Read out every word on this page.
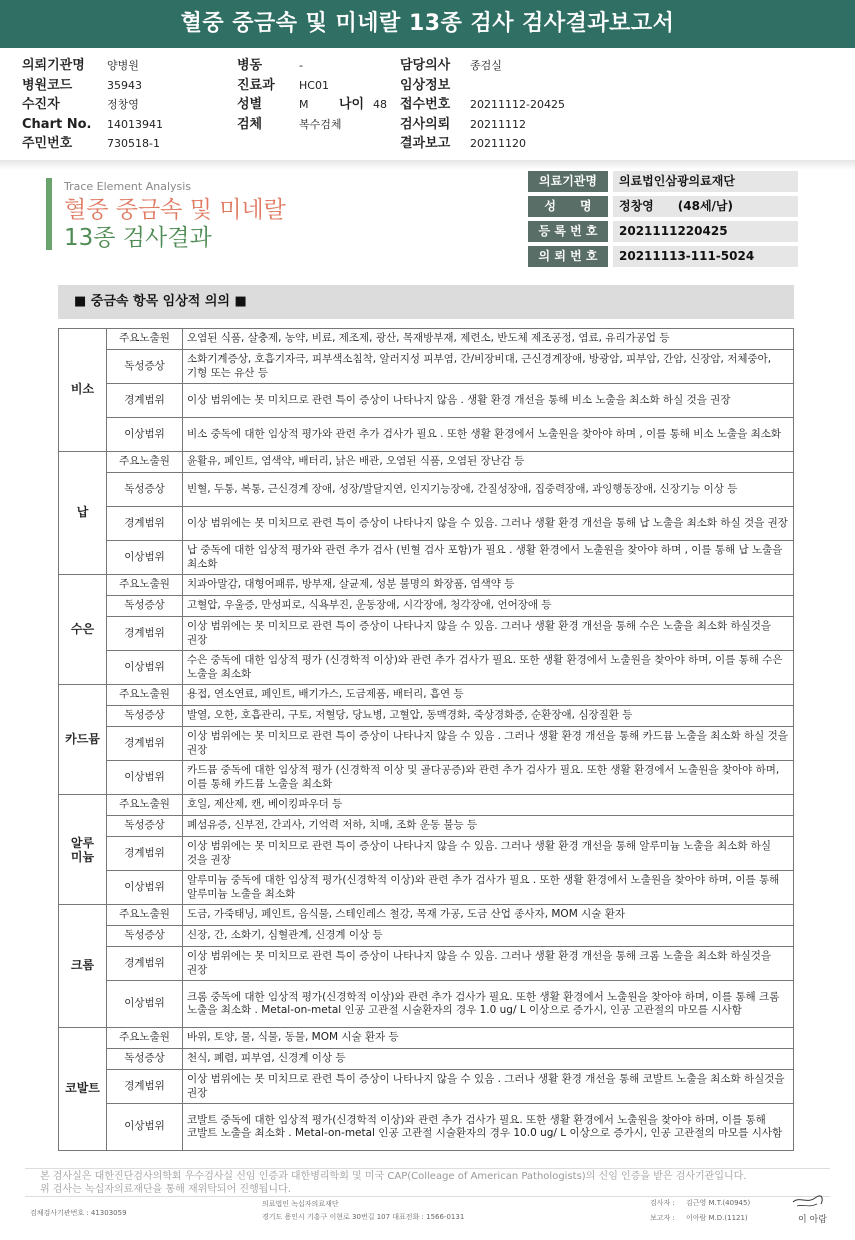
혈중 중금속 및 미네랄 13종 검사 검사결과보고서
의뢰기관명 양병원
병원코드	35943
수진자	정창영
Chart No. 14013941
주민번호	730518-1
병동	-
진료과 HC01
성별	M 나이 48
검체	복수검체
담당의사 종검실
임상정보
접수번호 20211112-20425
검사의뢰 20211112
결과보고 20211120
Trace Element Analysis
혈중 중금속 및 미네랄
13종 검사결과
의료기관명	의료법인삼광의료재단
성　　명	정창영　　(48세/남)
등 록 번 호	2021111220425
의 뢰 번 호	20211113-111-5024
■ 중금속 항목 임상적 의의 ■
비소	주요노출원	오염된 식품, 살충제, 농약, 비료, 제조제, 광산, 목재방부재, 제련소, 반도체 제조공정, 염료, 유리가공업 등
	독성증상	소화기계증상, 호흡기자극, 피부색소침착, 알러지성 피부염, 간/비장비대, 근신경계장애, 방광암, 피부암, 간암, 신장암, 저체중아, 기형 또는 유산 등
	경계범위	이상 범위에는 못 미치므로 관련 특이 증상이 나타나지 않음 . 생활 환경 개선을 통해 비소 노출을 최소화 하실 것을 권장
	이상범위	비소 중독에 대한 임상적 평가와 관련 추가 검사가 필요 . 또한 생활 환경에서 노출원을 찾아야 하며 , 이를 통해 비소 노출을 최소화
납	주요노출원	윤활유, 페인트, 염색약, 배터리, 낡은 배관, 오염된 식품, 오염된 장난감 등
	독성증상	빈혈, 두통, 복통, 근신경계 장애, 성장/발달지연, 인지기능장애, 간질성장애, 집중력장애, 과잉행동장애, 신장기능 이상 등
	경계범위	이상 범위에는 못 미치므로 관련 특이 증상이 나타나지 않을 수 있음. 그러나 생활 환경 개선을 통해 납 노출을 최소화 하실 것을 권장
	이상범위	납 중독에 대한 임상적 평가와 관련 추가 검사 (빈혈 검사 포함)가 필요 . 생활 환경에서 노출원을 찾아야 하며 , 이를 통해 납 노출을 최소화
수은	주요노출원	치과아말감, 대형어패류, 방부재, 살균제, 성분 불명의 화장품, 염색약 등
	독성증상	고혈압, 우울증, 만성피로, 식욕부진, 운동장애, 시각장애, 청각장애, 언어장애 등
	경계범위	이상 범위에는 못 미치므로 관련 특이 증상이 나타나지 않을 수 있음. 그러나 생활 환경 개선을 통해 수은 노출을 최소화 하실것을 권장
	이상범위	수은 중독에 대한 임상적 평가 (신경학적 이상)와 관련 추가 검사가 필요. 또한 생활 환경에서 노출원을 찾아야 하며, 이를 통해 수은 노출을 최소화
카드뮴	주요노출원	용접, 연소연료, 페인트, 배기가스, 도금제품, 배터리, 흡연 등
	독성증상	발열, 오한, 호흡관리, 구토, 저혈당, 당뇨병, 고혈압, 동맥경화, 죽상경화증, 순환장애, 심장질환 등
	경계범위	이상 범위에는 못 미치므로 관련 특이 증상이 나타나지 않을 수 있음 . 그러나 생활 환경 개선을 통해 카드뮴 노출을 최소화 하실 것을 권장
	이상범위	카드뮴 중독에 대한 임상적 평가 (신경학적 이상 및 골다공증)와 관련 추가 검사가 필요. 또한 생활 환경에서 노출원을 찾아야 하며, 이를 통해 카드뮴 노출을 최소화
알루미늄	주요노출원	호일, 제산제, 캔, 베이킹파우더 등
	독성증상	폐섬유증, 신부전, 간괴사, 기억력 저하, 치매, 조화 운동 불능 등
	경계범위	이상 범위에는 못 미치므로 관련 특이 증상이 나타나지 않을 수 있음. 그러나 생활 환경 개선을 통해 알루미늄 노출을 최소화 하실 것을 권장
	이상범위	알루미늄 중독에 대한 임상적 평가(신경학적 이상)와 관련 추가 검사가 필요 . 또한 생활 환경에서 노출원을 찾아야 하며, 이를 통해 알루미늄 노출을 최소화
크롬	주요노출원	도금, 가죽태닝, 페인트, 음식물, 스테인레스 철강, 목재 가공, 도금 산업 종사자, MOM 시술 환자
	독성증상	신장, 간, 소화기, 심혈관계, 신경계 이상 등
	경계범위	이상 범위에는 못 미치므로 관련 특이 증상이 나타나지 않을 수 있음. 그러나 생활 환경 개선을 통해 크롬 노출을 최소화 하실것을 권장
	이상범위	크롬 중독에 대한 임상적 평가(신경학적 이상)와 관련 추가 검사가 필요. 또한 생활 환경에서 노출원을 찾아야 하며, 이를 통해 크롬 노출을 최소화 . Metal-on-metal 인공 고관절 시술환자의 경우 1.0 ug/ L 이상으로 증가시, 인공 고관절의 마모를 시사함
코발트	주요노출원	바위, 토양, 물, 식물, 동물, MOM 시술 환자 등
	독성증상	천식, 폐렴, 피부염, 신경계 이상 등
	경계범위	이상 범위에는 못 미치므로 관련 특이 증상이 나타나지 않을 수 있음 . 그러나 생활 환경 개선을 통해 코발트 노출을 최소화 하실것을 권장
	이상범위	코발트 중독에 대한 임상적 평가(신경학적 이상)와 관련 추가 검사가 필요. 또한 생활 환경에서 노출원을 찾아야 하며, 이를 통해 코발트 노출을 최소화 . Metal-on-metal 인공 고관절 시술환자의 경우 10.0 ug/ L 이상으로 증가시, 인공 고관절의 마모를 시사함
본 검사실은 대한진단검사의학회 우수검사실 신임 인증과 대한병리학회 및 미국 CAP(Colleage of American Pathologists)의 신임 인증을 받은 검사기관입니다.
위 검사는 녹십자의료재단을 통해 재위탁되어 진행됩니다.
검체검사기관번호 : 41303059
의료법인 녹십자의료재단
경기도 용인시 기흥구 이현로 30번길 107 대표전화 : 1566-0131
검사자 : 김근영 M.T.(40945)
보고자 : 이아람 M.D.(1121)	이 아람
